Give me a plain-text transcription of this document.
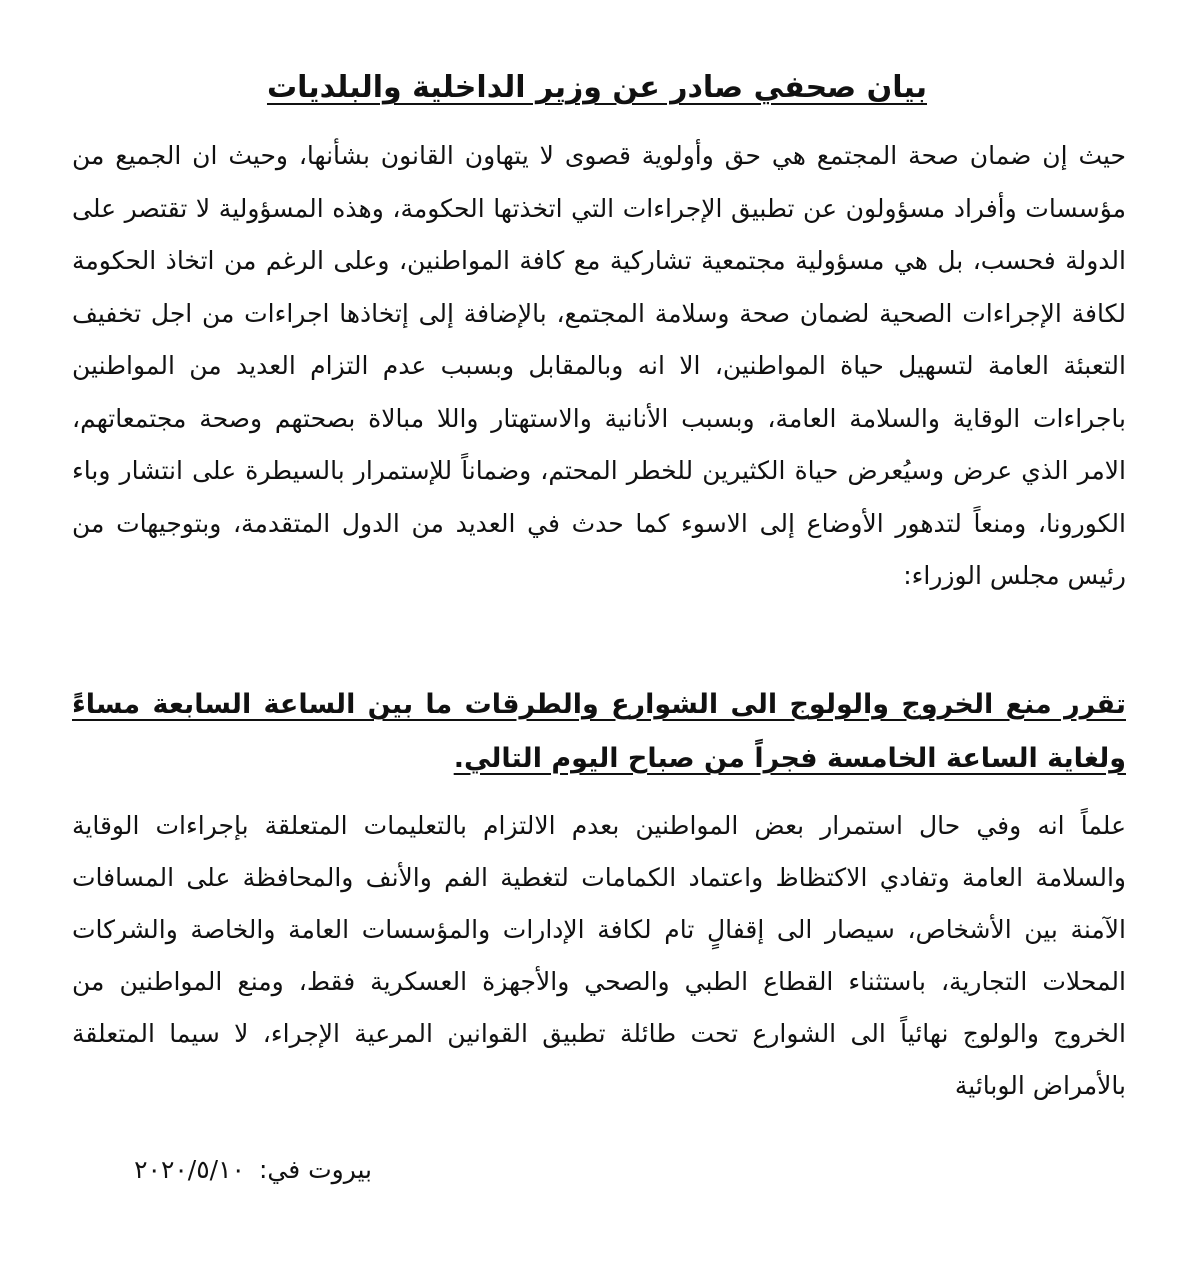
بيان صحفي صادر عن وزير الداخلية والبلديات

حيث إن ضمان صحة المجتمع هي حق وأولوية قصوى لا يتهاون القانون بشأنها، وحيث ان الجميع من مؤسسات وأفراد مسؤولون عن تطبيق الإجراءات التي اتخذتها الحكومة، وهذه المسؤولية لا تقتصر على الدولة فحسب، بل هي مسؤولية مجتمعية تشاركية مع كافة المواطنين، وعلى الرغم من اتخاذ الحكومة لكافة الإجراءات الصحية لضمان صحة وسلامة المجتمع، بالإضافة إلى إتخاذها اجراءات من اجل تخفيف التعبئة العامة لتسهيل حياة المواطنين، الا انه وبالمقابل وبسبب عدم التزام العديد من المواطنين باجراءات الوقاية والسلامة العامة، وبسبب الأنانية والاستهتار واللا مبالاة بصحتهم وصحة مجتمعاتهم، الامر الذي عرض وسيُعرض حياة الكثيرين للخطر المحتم، وضماناً للإستمرار بالسيطرة على انتشار وباء الكورونا، ومنعاً لتدهور الأوضاع إلى الاسوء كما حدث في العديد من الدول المتقدمة، وبتوجيهات من رئيس مجلس الوزراء:

تقرر منع الخروج والولوج الى الشوارع والطرقات ما بين الساعة السابعة مساءً ولغاية الساعة الخامسة فجراً من صباح اليوم التالي.

علماً انه وفي حال استمرار بعض المواطنين بعدم الالتزام بالتعليمات المتعلقة بإجراءات الوقاية والسلامة العامة وتفادي الاكتظاظ واعتماد الكمامات لتغطية الفم والأنف والمحافظة على المسافات الآمنة بين الأشخاص، سيصار الى إقفالٍ تام لكافة الإدارات والمؤسسات العامة والخاصة والشركات المحلات التجارية، باستثناء القطاع الطبي والصحي والأجهزة العسكرية فقط، ومنع المواطنين من الخروج والولوج نهائياً الى الشوارع تحت طائلة تطبيق القوانين المرعية الإجراء، لا سيما المتعلقة بالأمراض الوبائية

بيروت في:٢٠٢٠/٥/١٠
